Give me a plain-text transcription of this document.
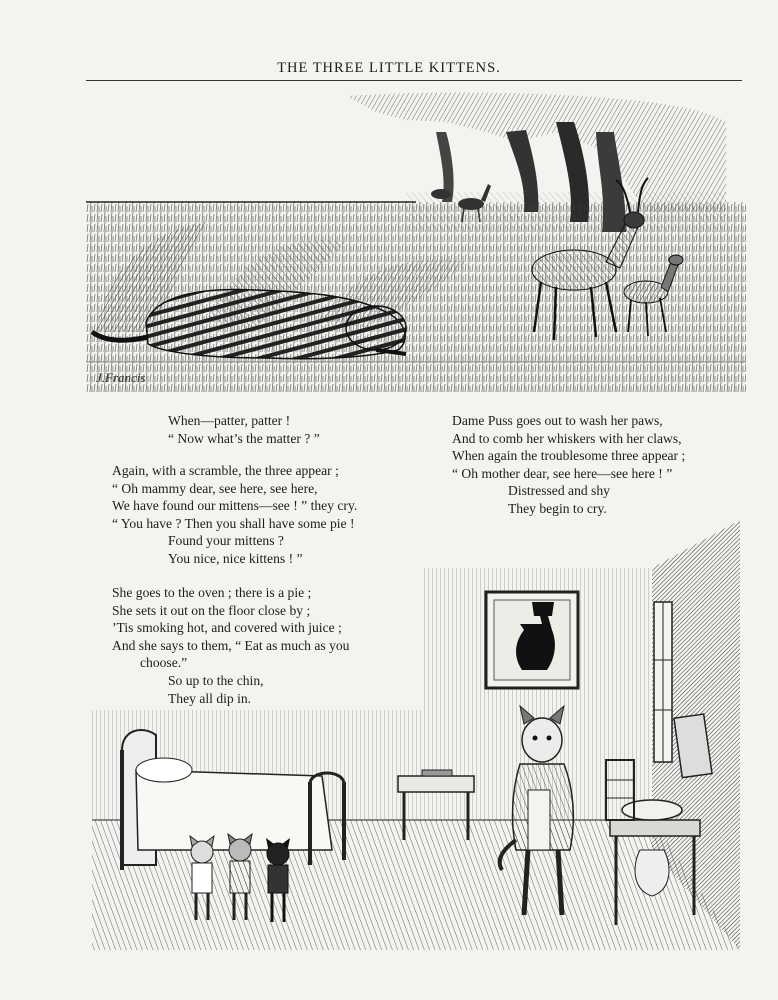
THE THREE LITTLE KITTENS.
J.Francis
When—patter, patter !
“ Now what’s the matter ? ”
Again, with a scramble, the three appear ;
“ Oh mammy dear, see here, see here,
We have found our mittens—see ! ” they cry.
“ You have ? Then you shall have some pie !
Found your mittens ?
You nice, nice kittens ! ”
Dame Puss goes out to wash her paws,
And to comb her whiskers with her claws,
When again the troublesome three appear ;
“ Oh mother dear, see here—see here ! ”
Distressed and shy
They begin to cry.
She goes to the oven ; there is a pie ;
She sets it out on the floor close by ;
’Tis smoking hot, and covered with juice ;
And she says to them, “ Eat as much as you
choose.”
So up to the chin,
They all dip in.
